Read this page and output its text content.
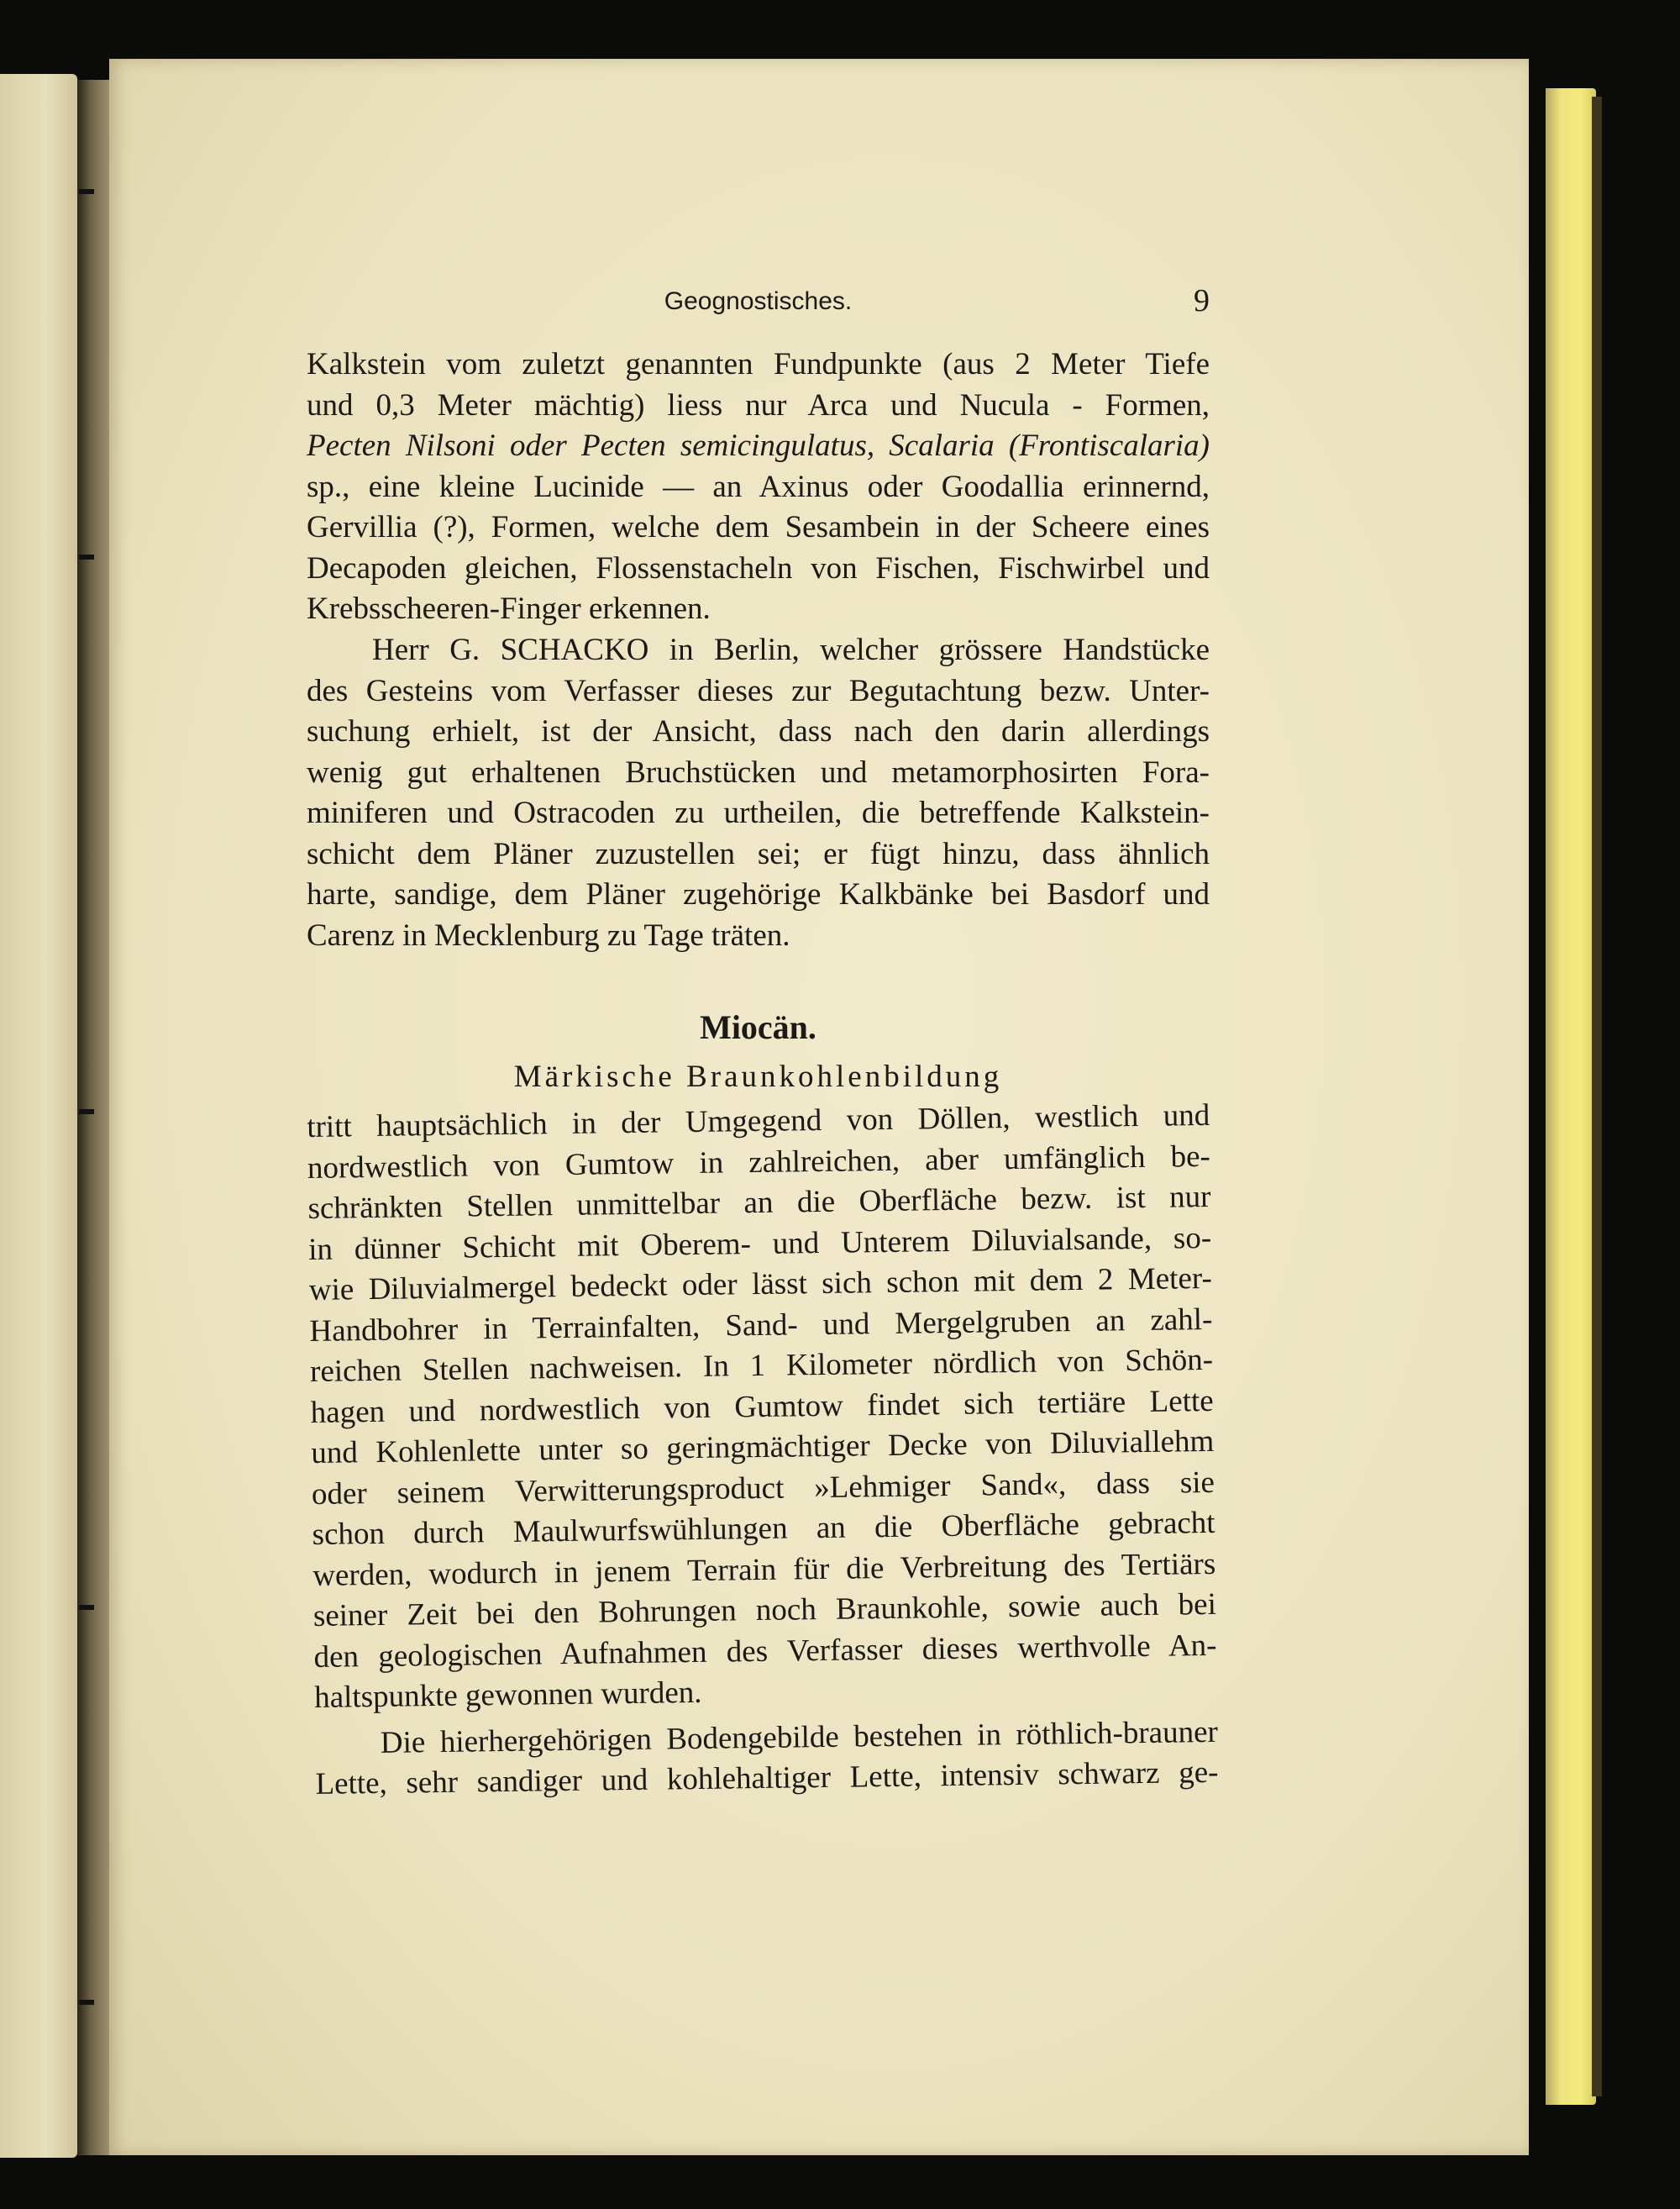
Geognostisches.	9
Kalkstein vom zuletzt genannten Fundpunkte (aus 2 Meter Tiefe
und 0,3 Meter mächtig) liess nur Arca und Nucula - Formen,
Pecten Nilsoni oder Pecten semicingulatus, Scalaria (Frontiscalaria)
sp., eine kleine Lucinide — an Axinus oder Goodallia erinnernd,
Gervillia (?), Formen, welche dem Sesambein in der Scheere eines
Decapoden gleichen, Flossenstacheln von Fischen, Fischwirbel und
Krebsscheeren-Finger erkennen.
Herr G. SCHACKO in Berlin, welcher grössere Handstücke
des Gesteins vom Verfasser dieses zur Begutachtung bezw. Unter-
suchung erhielt, ist der Ansicht, dass nach den darin allerdings
wenig gut erhaltenen Bruchstücken und metamorphosirten Fora-
miniferen und Ostracoden zu urtheilen, die betreffende Kalkstein-
schicht dem Pläner zuzustellen sei; er fügt hinzu, dass ähnlich
harte, sandige, dem Pläner zugehörige Kalkbänke bei Basdorf und
Carenz in Mecklenburg zu Tage träten.
Miocän.
Märkische Braunkohlenbildung
tritt hauptsächlich in der Umgegend von Döllen, westlich und
nordwestlich von Gumtow in zahlreichen, aber umfänglich be-
schränkten Stellen unmittelbar an die Oberfläche bezw. ist nur
in dünner Schicht mit Oberem- und Unterem Diluvialsande, so-
wie Diluvialmergel bedeckt oder lässt sich schon mit dem 2 Meter-
Handbohrer in Terrainfalten, Sand- und Mergelgruben an zahl-
reichen Stellen nachweisen. In 1 Kilometer nördlich von Schön-
hagen und nordwestlich von Gumtow findet sich tertiäre Lette
und Kohlenlette unter so geringmächtiger Decke von Diluviallehm
oder seinem Verwitterungsproduct »Lehmiger Sand«, dass sie
schon durch Maulwurfswühlungen an die Oberfläche gebracht
werden, wodurch in jenem Terrain für die Verbreitung des Tertiärs
seiner Zeit bei den Bohrungen noch Braunkohle, sowie auch bei
den geologischen Aufnahmen des Verfasser dieses werthvolle An-
haltspunkte gewonnen wurden.
Die hierhergehörigen Bodengebilde bestehen in röthlich-brauner
Lette, sehr sandiger und kohlehaltiger Lette, intensiv schwarz ge-
